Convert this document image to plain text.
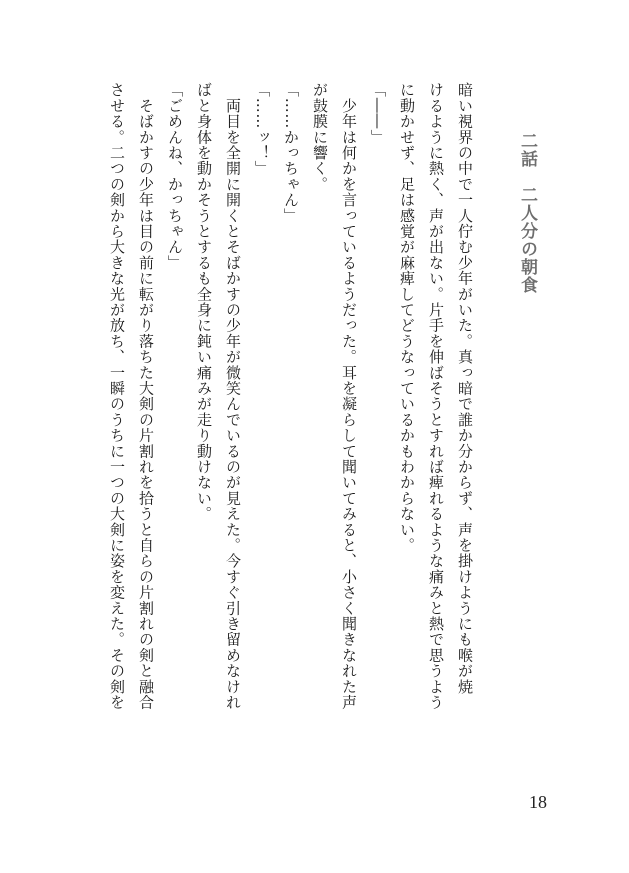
二話　二人分の朝食

暗い視界の中で一人佇む少年がいた。真っ暗で誰か分からず、声を掛けようにも喉が焼

けるように熱く、声が出ない。片手を伸ばそうとすれば痺れるような痛みと熱で思うよう

に動かせず、足は感覚が麻痺してどうなっているかもわからない。

「――」

　少年は何かを言っているようだった。耳を凝らして聞いてみると、小さく聞きなれた声

が鼓膜に響く。

「……かっちゃん」

「……ッ！」

　両目を全開に開くとそばかすの少年が微笑んでいるのが見えた。今すぐ引き留めなけれ

ばと身体を動かそうとするも全身に鈍い痛みが走り動けない。

「ごめんね、かっちゃん」

　そばかすの少年は目の前に転がり落ちた大剣の片割れを拾うと自らの片割れの剣と融合

させる。二つの剣から大きな光が放ち、一瞬のうちに一つの大剣に姿を変えた。その剣を

18
